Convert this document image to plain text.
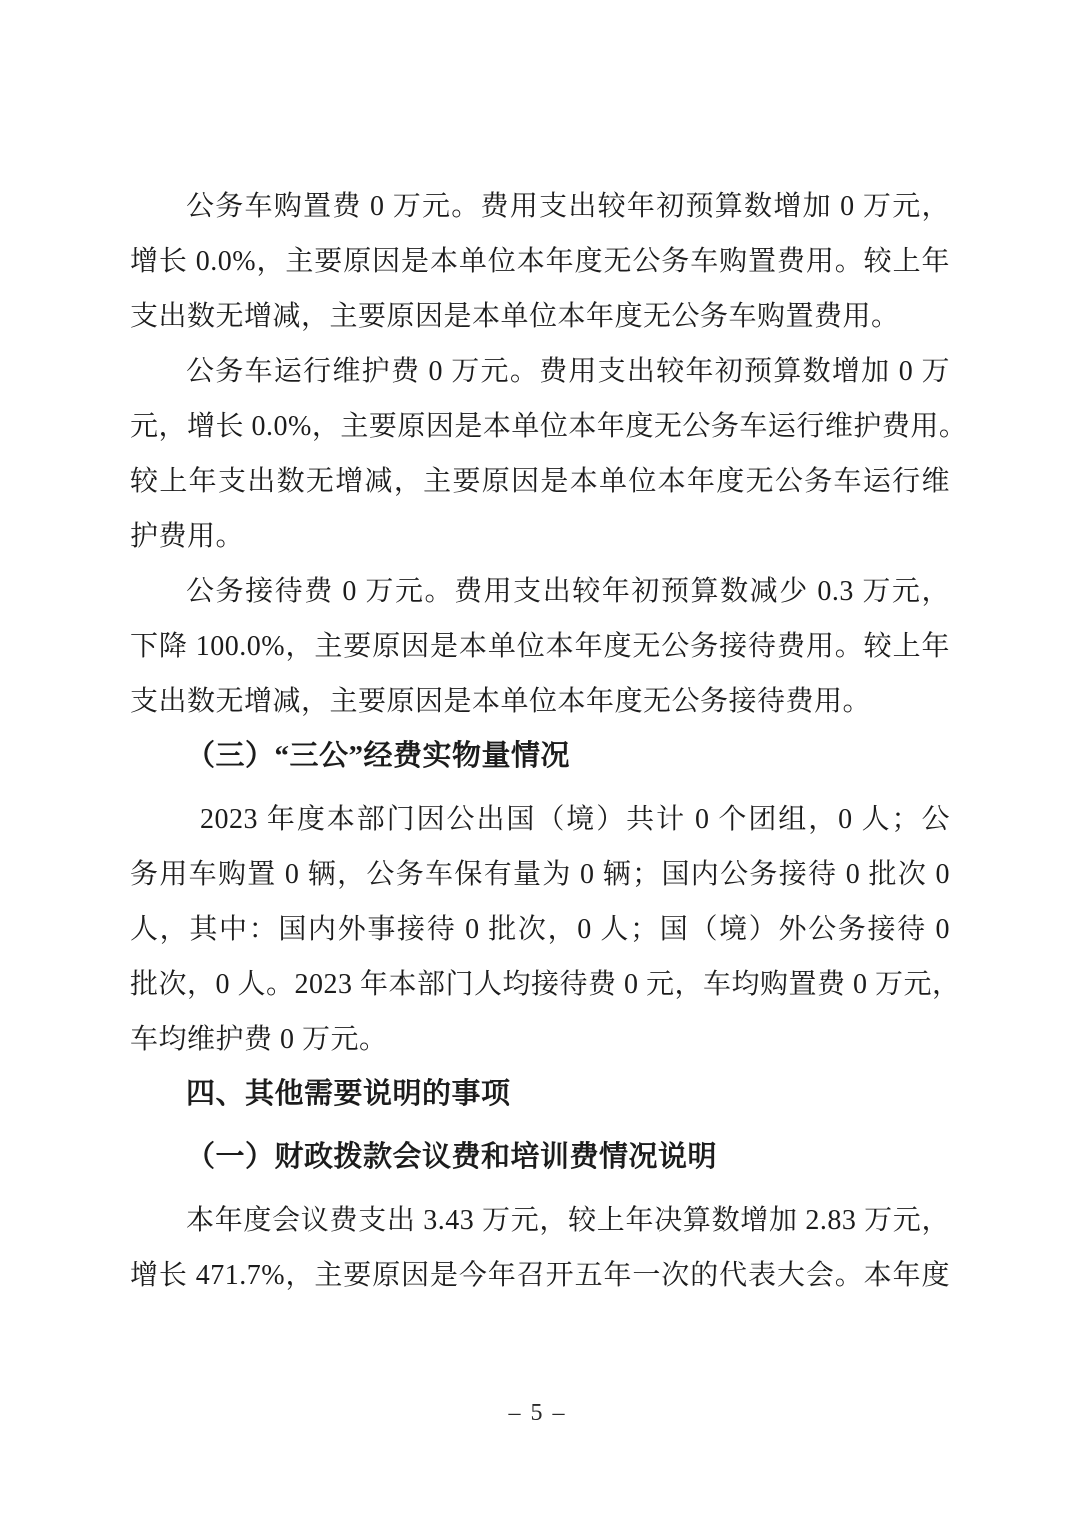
公务车购置费 0 万元。费用支出较年初预算数增加 0 万元，
增长 0.0%，主要原因是本单位本年度无公务车购置费用。较上年
支出数无增减，主要原因是本单位本年度无公务车购置费用。
公务车运行维护费 0 万元。费用支出较年初预算数增加 0 万
元，增长 0.0%，主要原因是本单位本年度无公务车运行维护费用。
较上年支出数无增减，主要原因是本单位本年度无公务车运行维
护费用。
公务接待费 0 万元。费用支出较年初预算数减少 0.3 万元，
下降 100.0%，主要原因是本单位本年度无公务接待费用。较上年
支出数无增减，主要原因是本单位本年度无公务接待费用。
（三）“三公”经费实物量情况
2023 年度本部门因公出国（境）共计 0 个团组，0 人；公
务用车购置 0 辆，公务车保有量为 0 辆；国内公务接待 0 批次 0
人，其中：国内外事接待 0 批次，0 人；国（境）外公务接待 0
批次，0 人。2023 年本部门人均接待费 0 元，车均购置费 0 万元，
车均维护费 0 万元。
四、其他需要说明的事项
（一）财政拨款会议费和培训费情况说明
本年度会议费支出 3.43 万元，较上年决算数增加 2.83 万元，
增长 471.7%，主要原因是今年召开五年一次的代表大会。本年度
– 5 –
